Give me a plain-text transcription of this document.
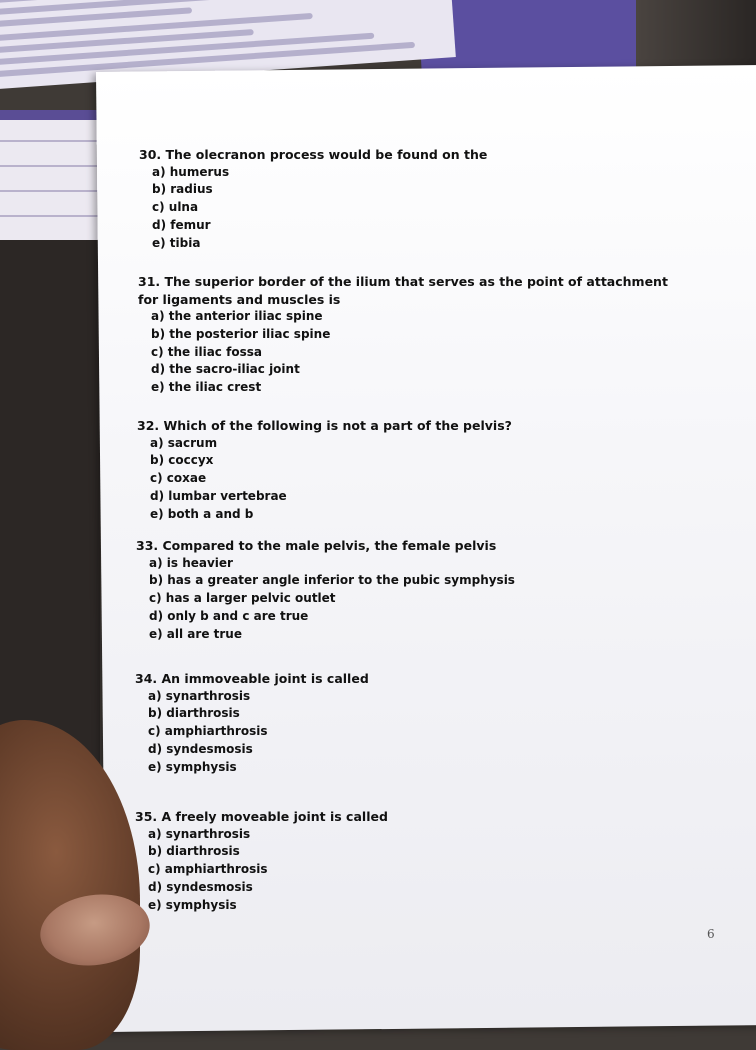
30. The olecranon process would be found on the
a) humerus
b) radius
c) ulna
d) femur
e) tibia
31. The superior border of the ilium that serves as the point of attachment for ligaments and muscles is
a) the anterior iliac spine
b) the posterior iliac spine
c) the iliac fossa
d) the sacro-iliac joint
e) the iliac crest
32. Which of the following is not a part of the pelvis?
a) sacrum
b) coccyx
c) coxae
d) lumbar vertebrae
e) both a and b
33. Compared to the male pelvis, the female pelvis
a) is heavier
b) has a greater angle inferior to the pubic symphysis
c) has a larger pelvic outlet
d) only b and c are true
e) all are true
34. An immoveable joint is called
a) synarthrosis
b) diarthrosis
c) amphiarthrosis
d) syndesmosis
e) symphysis
35. A freely moveable joint is called
a) synarthrosis
b) diarthrosis
c) amphiarthrosis
d) syndesmosis
e) symphysis
6
